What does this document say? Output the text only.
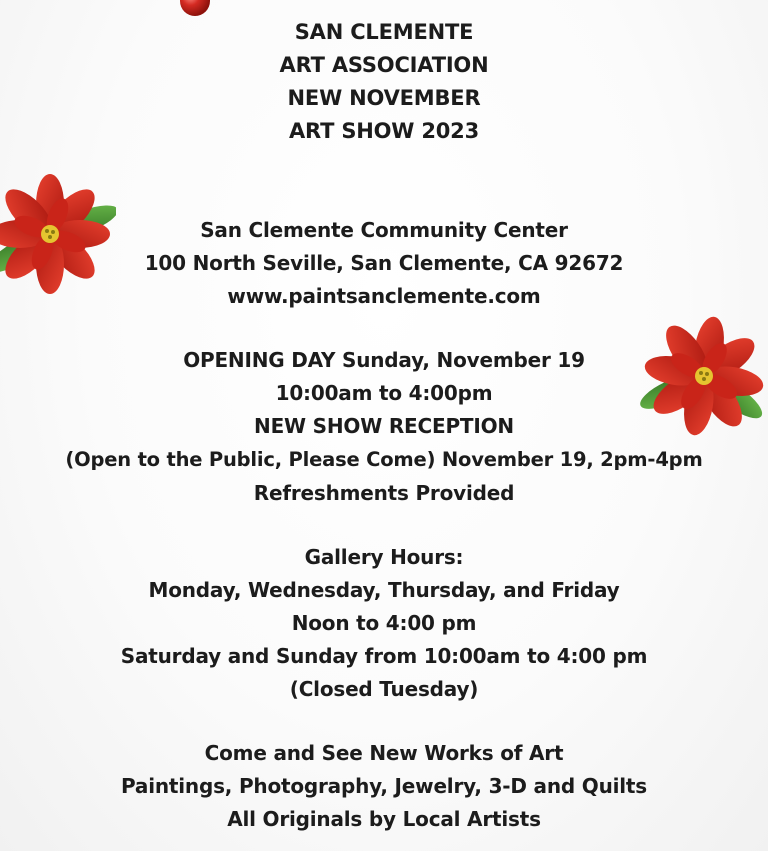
SAN CLEMENTE
ART ASSOCIATION
NEW NOVEMBER
ART SHOW 2023
San Clemente Community Center
100 North Seville, San Clemente, CA 92672
www.paintsanclemente.com
OPENING DAY Sunday, November 19
10:00am to 4:00pm
NEW SHOW RECEPTION
(Open to the Public, Please Come) November 19, 2pm-4pm
Refreshments Provided
Gallery Hours:
Monday, Wednesday, Thursday, and Friday
Noon to 4:00 pm
Saturday and Sunday from 10:00am to 4:00 pm
(Closed Tuesday)
Come and See New Works of Art
Paintings, Photography, Jewelry, 3-D and Quilts
All Originals by Local Artists
